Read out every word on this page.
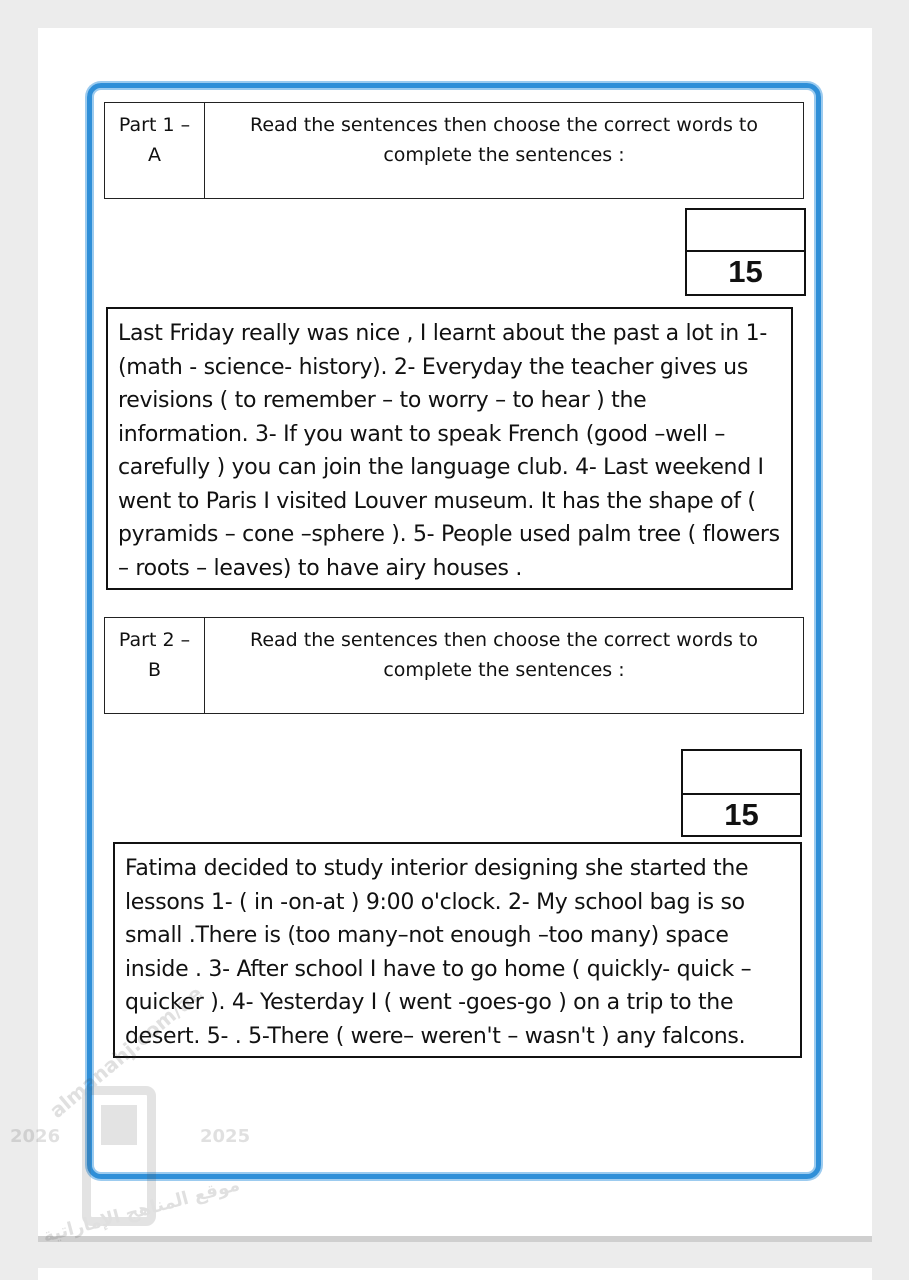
Part 1 –
A
Read the sentences then choose the correct words to complete the sentences :
15
Last Friday really was nice , I learnt about the past a lot in 1- (math - science- history). 2- Everyday the teacher gives us revisions ( to remember – to worry – to hear ) the information. 3- If you want to speak French (good –well – carefully ) you can join the language club. 4- Last weekend I went to Paris I visited Louver museum. It has the shape of ( pyramids – cone –sphere ). 5- People used palm tree ( flowers – roots – leaves) to have airy houses .
Part 2 –
B
Read the sentences then choose the correct words to complete the sentences :
15
Fatima decided to study interior designing she started the lessons 1- ( in -on-at ) 9:00 o'clock. 2- My school bag is so small .There is (too many–not enough –too many) space inside . 3- After school I have to go home ( quickly- quick – quicker ). 4- Yesterday I ( went -goes-go ) on a trip to the desert. 5- . 5-There ( were– weren't – wasn't ) any falcons.
2026
